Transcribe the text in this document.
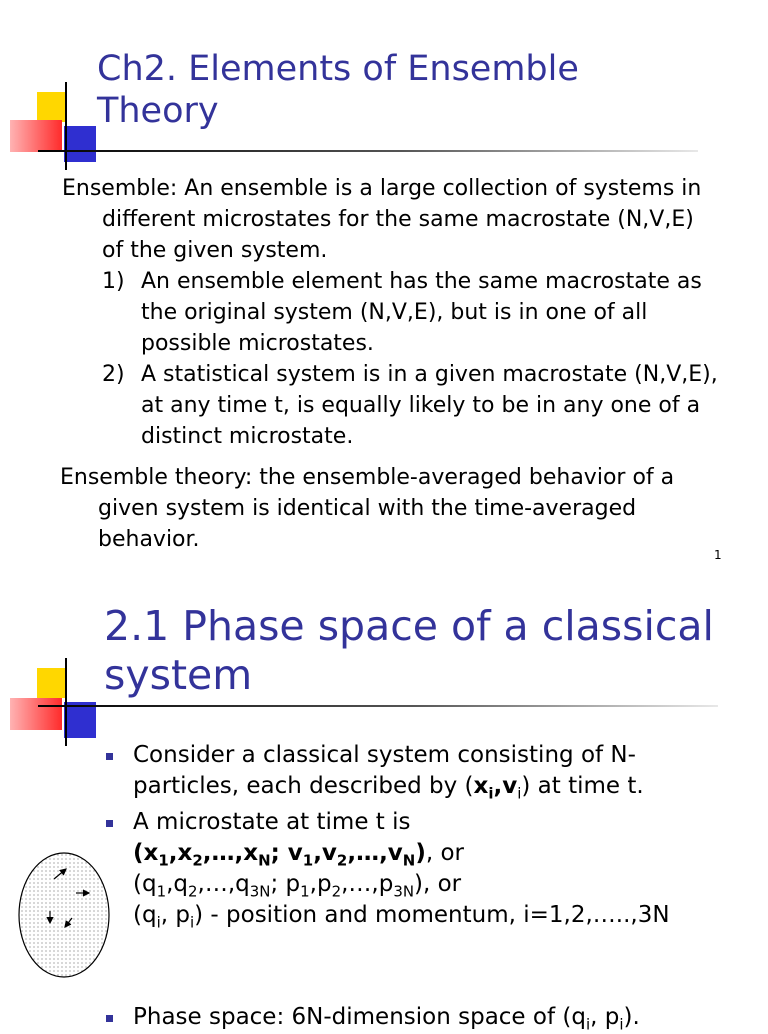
Ch2. Elements of Ensemble
Theory
Ensemble: An ensemble is a large collection of systems in
different microstates for the same macrostate (N,V,E)
of the given system.
1) An ensemble element has the same macrostate as
the original system (N,V,E), but is in one of all
possible microstates.
2) A statistical system is in a given macrostate (N,V,E),
at any time t, is equally likely to be in any one of a
distinct microstate.
Ensemble theory: the ensemble-averaged behavior of a
given system is identical with the time-averaged
behavior.
1
2.1 Phase space of a classical
system
Consider a classical system consisting of N-
particles, each described by $(x_i,v_i)$ at time t.
A microstate at time t is
($x_1,x_2,\dots,x_N$; $v_1,v_2,\dots,v_N$), or
($q_1,q_2,\dots,q_{3N}$; $p_1,p_2,\dots,p_{3N}$), or
($q_i$, $p_i$) - position and momentum, i=1,2,…..,3N
Phase space: 6N-dimension space of ($q_i$, $p_i$).
